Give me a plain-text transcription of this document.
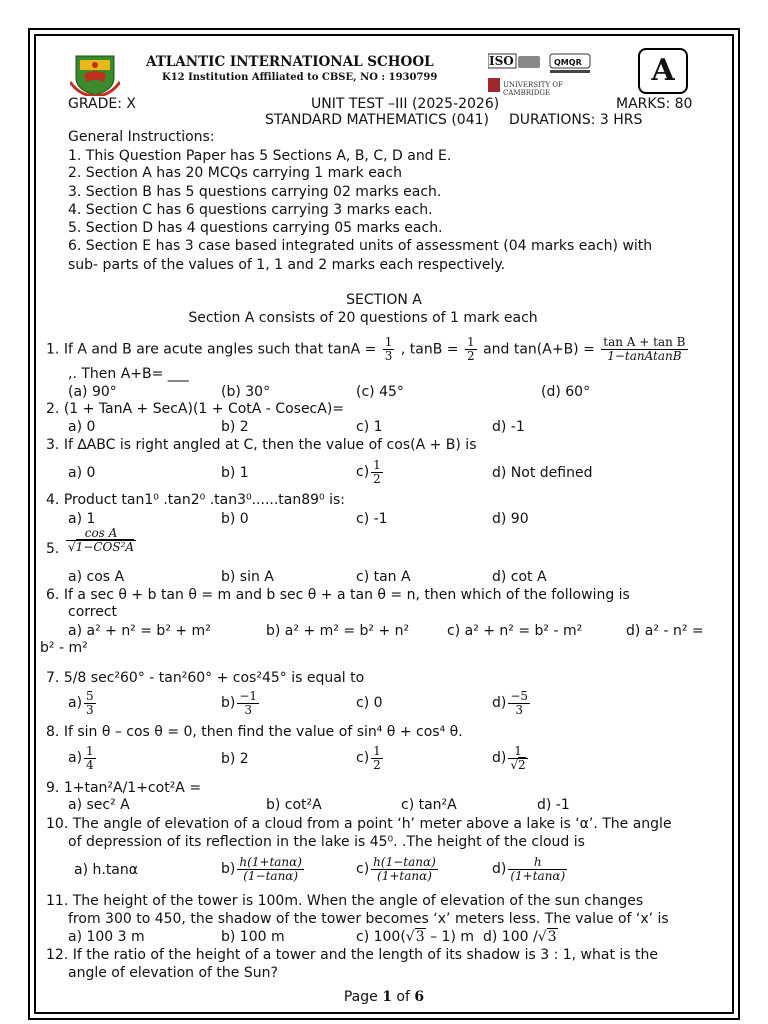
ATLANTIC INTERNATIONAL SCHOOL
K12 Institution Affiliated to CBSE, NO : 1930799
ISO	QMQR
UNIVERSITY OF CAMBRIDGE
A
GRADE: X	UNIT TEST –III (2025-2026)	MARKS: 80
STANDARD MATHEMATICS (041) DURATIONS: 3 HRS
General Instructions:
1. This Question Paper has 5 Sections A, B, C, D and E.
2. Section A has 20 MCQs carrying 1 mark each
3. Section B has 5 questions carrying 02 marks each.
4. Section C has 6 questions carrying 3 marks each.
5. Section D has 4 questions carrying 05 marks each.
6. Section E has 3 case based integrated units of assessment (04 marks each) with
sub- parts of the values of 1, 1 and 2 marks each respectively.
SECTION A
Section A consists of 20 questions of 1 mark each
1. If A and B are acute angles such that $\tan A = \frac{1}{3}$ , $\tan B = \frac{1}{2}$ and $\tan(A+B) = \frac{\text{tan A + tan B}}{\text{1−tanAtanB}}$
,. Then A+B= ___
(a) 90°	(b) 30°	(c) 45°	(d) 60°
2. (1 + TanA + SecA)(1 + CotA - CosecA)=
a) 0	b) 2	c) 1	d) -1
3. If ∆ABC is right angled at C, then the value of cos(A + B) is
a) 0	b) 1	$c) \frac{1}{2}$	d) Not defined
4. Product tan1⁰ .tan2⁰ .tan3⁰......tan89⁰ is:
a) 1	b) 0	c) -1	d) 90
5. $\frac{\text{cos A}}{\text{√1−COS²A}}$
a) cos A	b) sin A	c) tan A	d) cot A
6. If a sec θ + b tan θ = m and b sec θ + a tan θ = n, then which of the following is
correct
a) a² + n² = b² + m²	b) a² + m² = b² + n²	c) a² + n² = b² - m²	d) a² - n² =
b² - m²
7. 5/8 sec²60° - tan²60° + cos²45° is equal to
$a) \frac{5}{3}$	$b) \frac{-1}{3}$	c) 0	$d) \frac{-5}{3}$
8. If sin θ – cos θ = 0, then find the value of sin⁴ θ + cos⁴ θ.
$a) \frac{1}{4}$	b) 2	$c) \frac{1}{2}$	$d) \frac{1}{√2}$
9. 1+tan²A/1+cot²A =
a) sec² A	b) cot²A	c) tan²A	d) -1
10. The angle of elevation of a cloud from a point ‘h’ meter above a lake is ‘α’. The angle
of depression of its reflection in the lake is 45⁰. .The height of the cloud is
a) h.tanα	$b) \frac{h(1+\tan\alpha)}{(1-\tan\alpha)}$	$c) \frac{h(1-\tan\alpha)}{(1+\tan\alpha)}$	$d) \frac{h}{(1+\tan\alpha)}$
11. The height of the tower is 100m. When the angle of elevation of the sun changes
from 300 to 450, the shadow of the tower becomes ‘x’ meters less. The value of ‘x’ is
a) 100 3 m	b) 100 m	c) 100(√3 – 1) m d) 100 /√3
12. If the ratio of the height of a tower and the length of its shadow is 3 : 1, what is the
angle of elevation of the Sun?
Page 1 of 6
